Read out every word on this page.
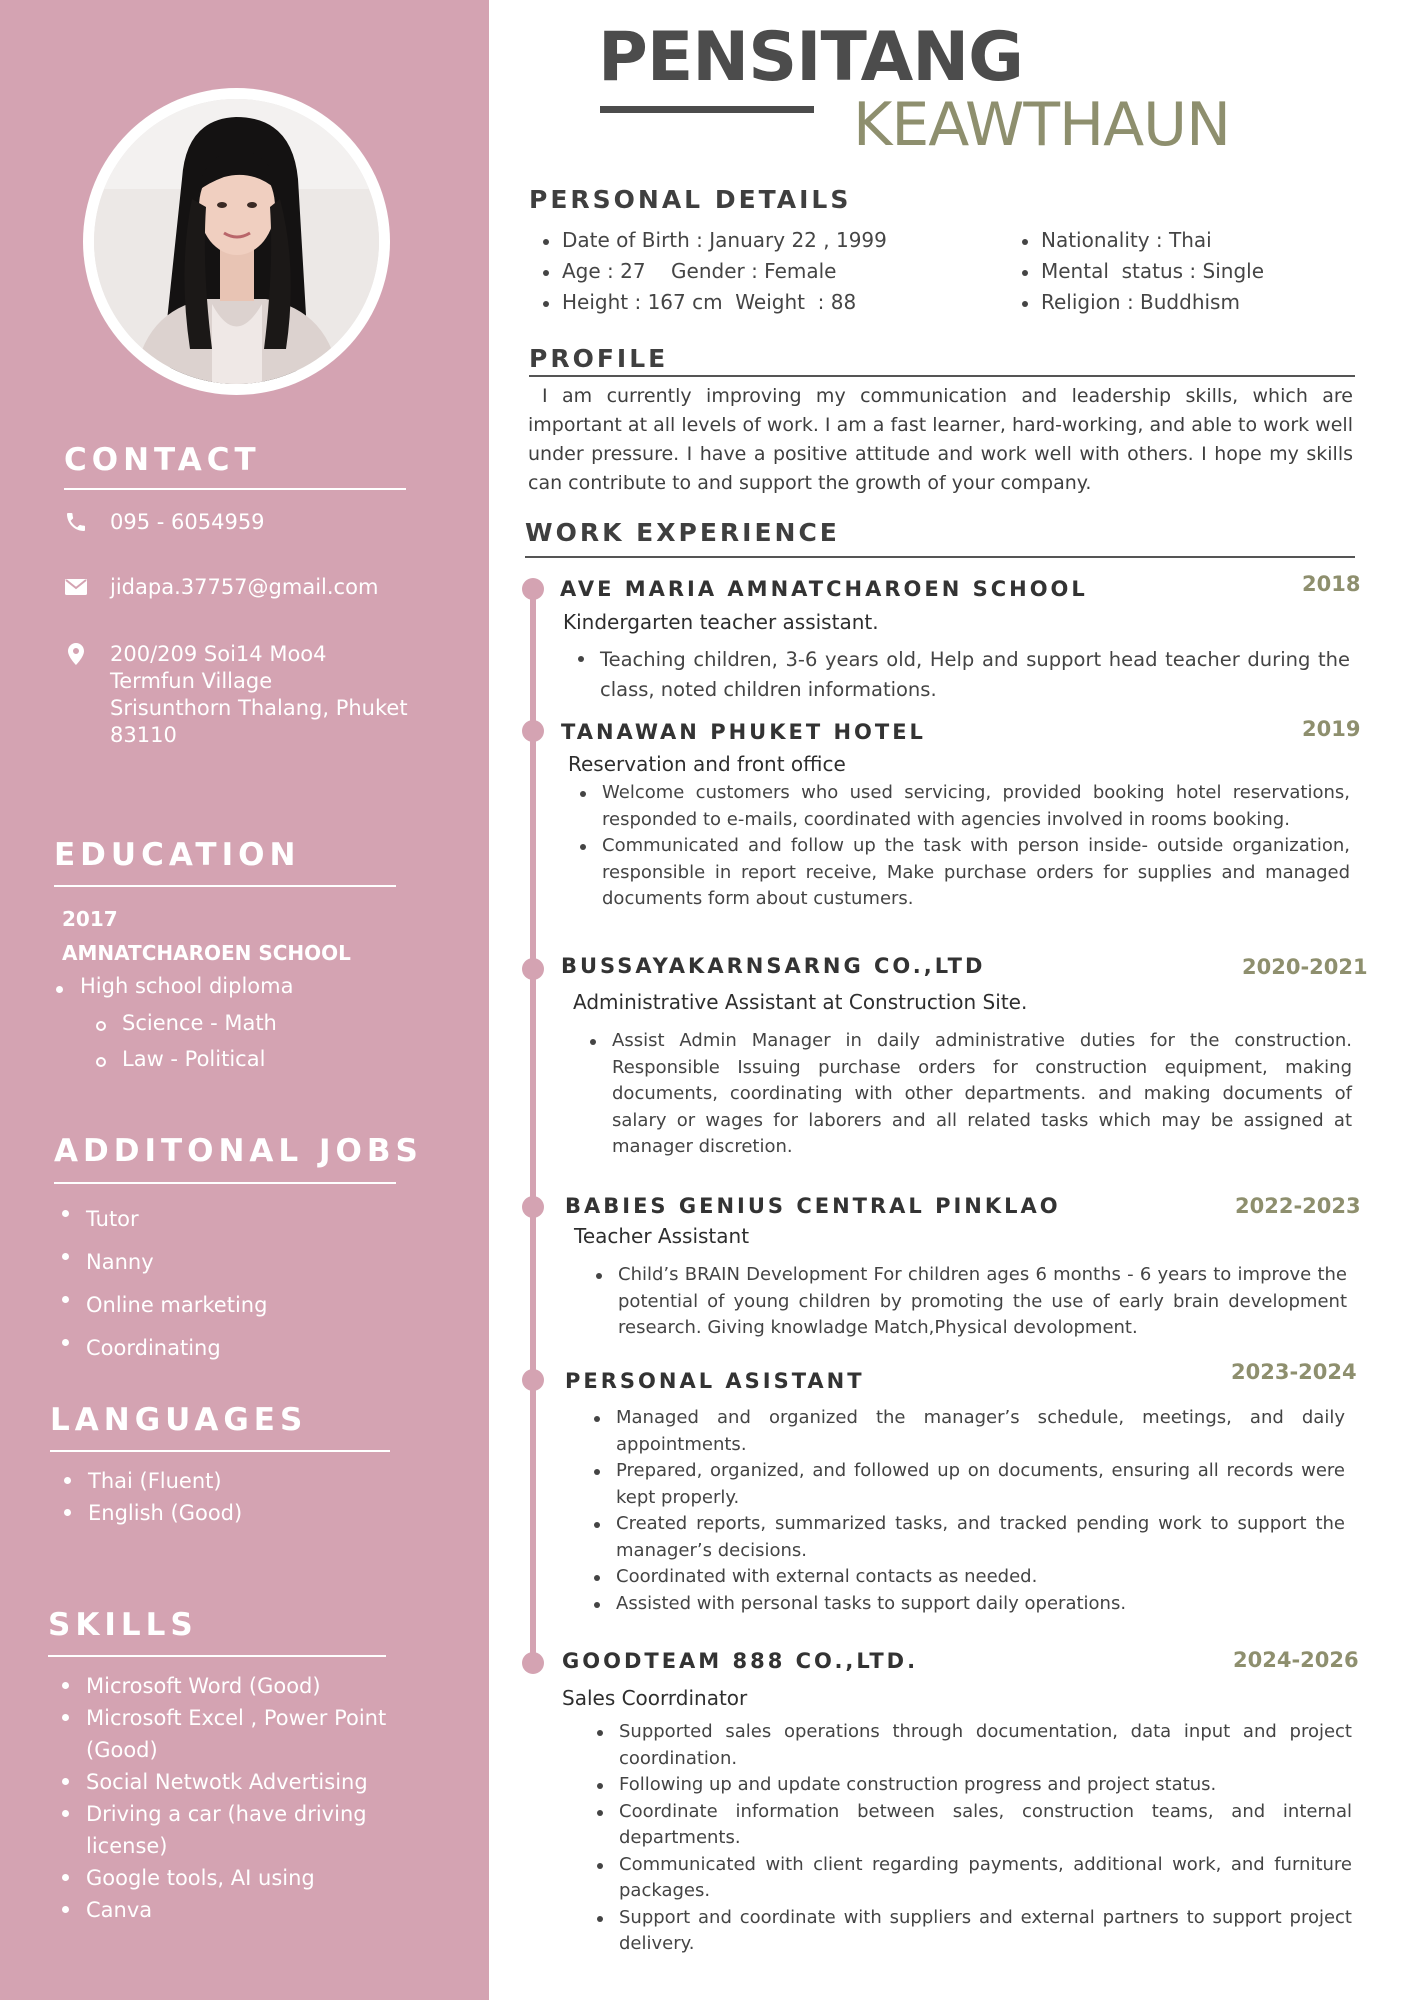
CONTACT
095 - 6054959
jidapa.37757@gmail.com
200/209 Soi14 Moo4
Termfun Village
Srisunthorn Thalang, Phuket
83110
EDUCATION
2017
AMNATCHAROEN SCHOOL
High school diploma
Science - Math
Law - Political
ADDITONAL JOBS
Tutor
Nanny
Online marketing
Coordinating
LANGUAGES
Thai (Fluent)
English (Good)
SKILLS
Microsoft Word (Good)
Microsoft Excel , Power Point (Good)
Social Netwotk Advertising
Driving a car (have driving license)
Google tools, AI using
Canva
PENSITANG
KEAWTHAUN
PERSONAL DETAILS
Date of Birth : January 22 , 1999
Age : 27    Gender : Female
Height : 167 cm  Weight  : 88
Nationality : Thai
Mental  status : Single
Religion : Buddhism
PROFILE
I am currently improving my communication and leadership skills, which are important at all levels of work. I am a fast learner, hard-working, and able to work well under pressure. I have a positive attitude and work well with others. I hope my skills can contribute to and support the growth of your company.
WORK EXPERIENCE
AVE MARIA AMNATCHAROEN SCHOOL	2018
Kindergarten teacher assistant.
Teaching children, 3-6 years old, Help and support head teacher during the class, noted children informations.
TANAWAN PHUKET HOTEL	2019
Reservation and front office
Welcome customers who used servicing, provided booking hotel reservations, responded to e-mails, coordinated with agencies involved in rooms booking.
Communicated and follow up the task with person inside- outside organization, responsible in report receive, Make purchase orders for supplies and managed documents form about custumers.
BUSSAYAKARNSARNG CO.,LTD	2020-2021
Administrative Assistant at Construction Site.
Assist Admin Manager in daily administrative duties for the construction. Responsible Issuing purchase orders for construction equipment, making documents, coordinating with other departments. and making documents of salary or wages for laborers and all related tasks which may be assigned at manager discretion.
BABIES GENIUS CENTRAL PINKLAO	2022-2023
Teacher Assistant
Child’s BRAIN Development For children ages 6 months - 6 years to improve the potential of young children by promoting the use of early brain development research. Giving knowladge Match,Physical devolopment.
PERSONAL ASISTANT	2023-2024
Managed and organized the manager’s schedule, meetings, and daily appointments.
Prepared, organized, and followed up on documents, ensuring all records were kept properly.
Created reports, summarized tasks, and tracked pending work to support the manager’s decisions.
Coordinated with external contacts as needed.
Assisted with personal tasks to support daily operations.
GOODTEAM 888 CO.,LTD.	2024-2026
Sales Coorrdinator
Supported sales operations through documentation, data input and project coordination.
Following up and update construction progress and project status.
Coordinate information between sales, construction teams, and internal departments.
Communicated with client regarding payments, additional work, and furniture packages.
Support and coordinate with suppliers and external partners to support project delivery.
